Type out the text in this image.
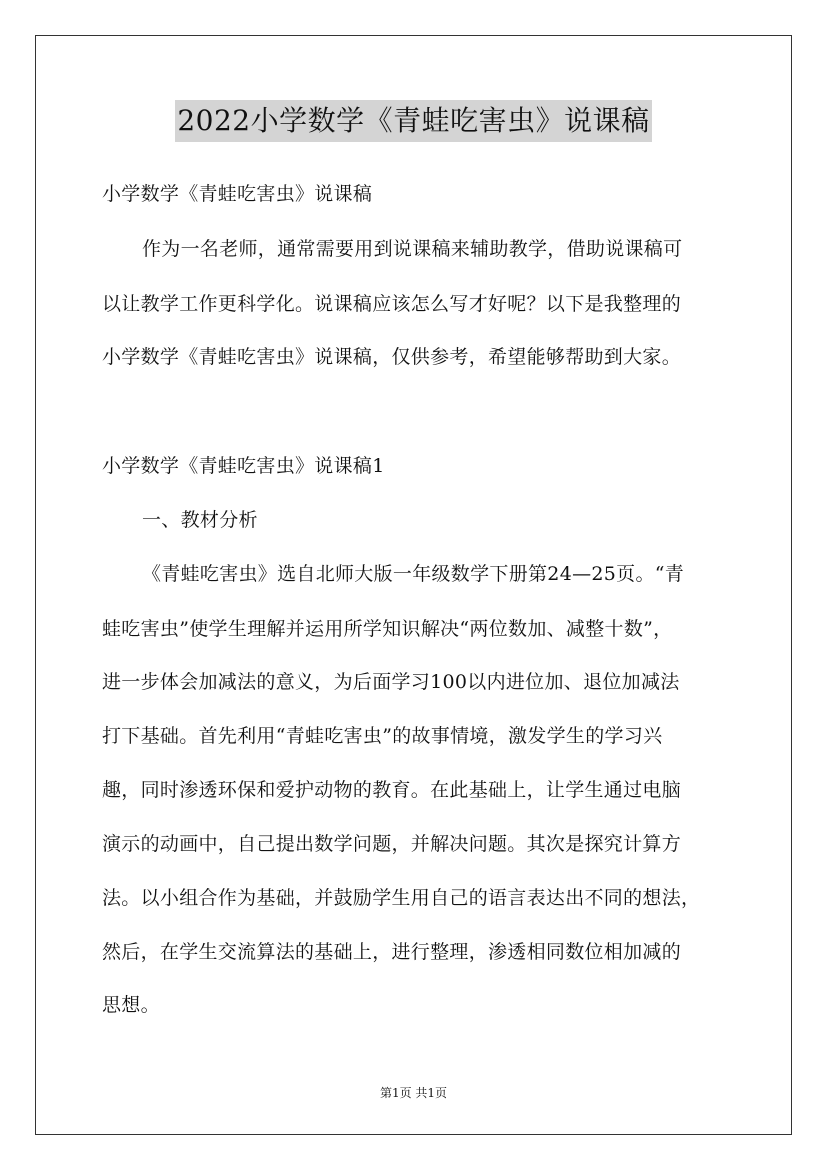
2022小学数学《青蛙吃害虫》说课稿
小学数学《青蛙吃害虫》说课稿
作为一名老师，通常需要用到说课稿来辅助教学，借助说课稿可
以让教学工作更科学化。说课稿应该怎么写才好呢？以下是我整理的
小学数学《青蛙吃害虫》说课稿，仅供参考，希望能够帮助到大家。
小学数学《青蛙吃害虫》说课稿1
一、教材分析
《青蛙吃害虫》选自北师大版一年级数学下册第24—25页。“青
蛙吃害虫”使学生理解并运用所学知识解决“两位数加、减整十数”，
进一步体会加减法的意义，为后面学习100以内进位加、退位加减法
打下基础。首先利用“青蛙吃害虫”的故事情境，激发学生的学习兴
趣，同时渗透环保和爱护动物的教育。在此基础上，让学生通过电脑
演示的动画中，自己提出数学问题，并解决问题。其次是探究计算方
法。以小组合作为基础，并鼓励学生用自己的语言表达出不同的想法，
然后，在学生交流算法的基础上，进行整理，渗透相同数位相加减的
思想。
第1页 共1页
